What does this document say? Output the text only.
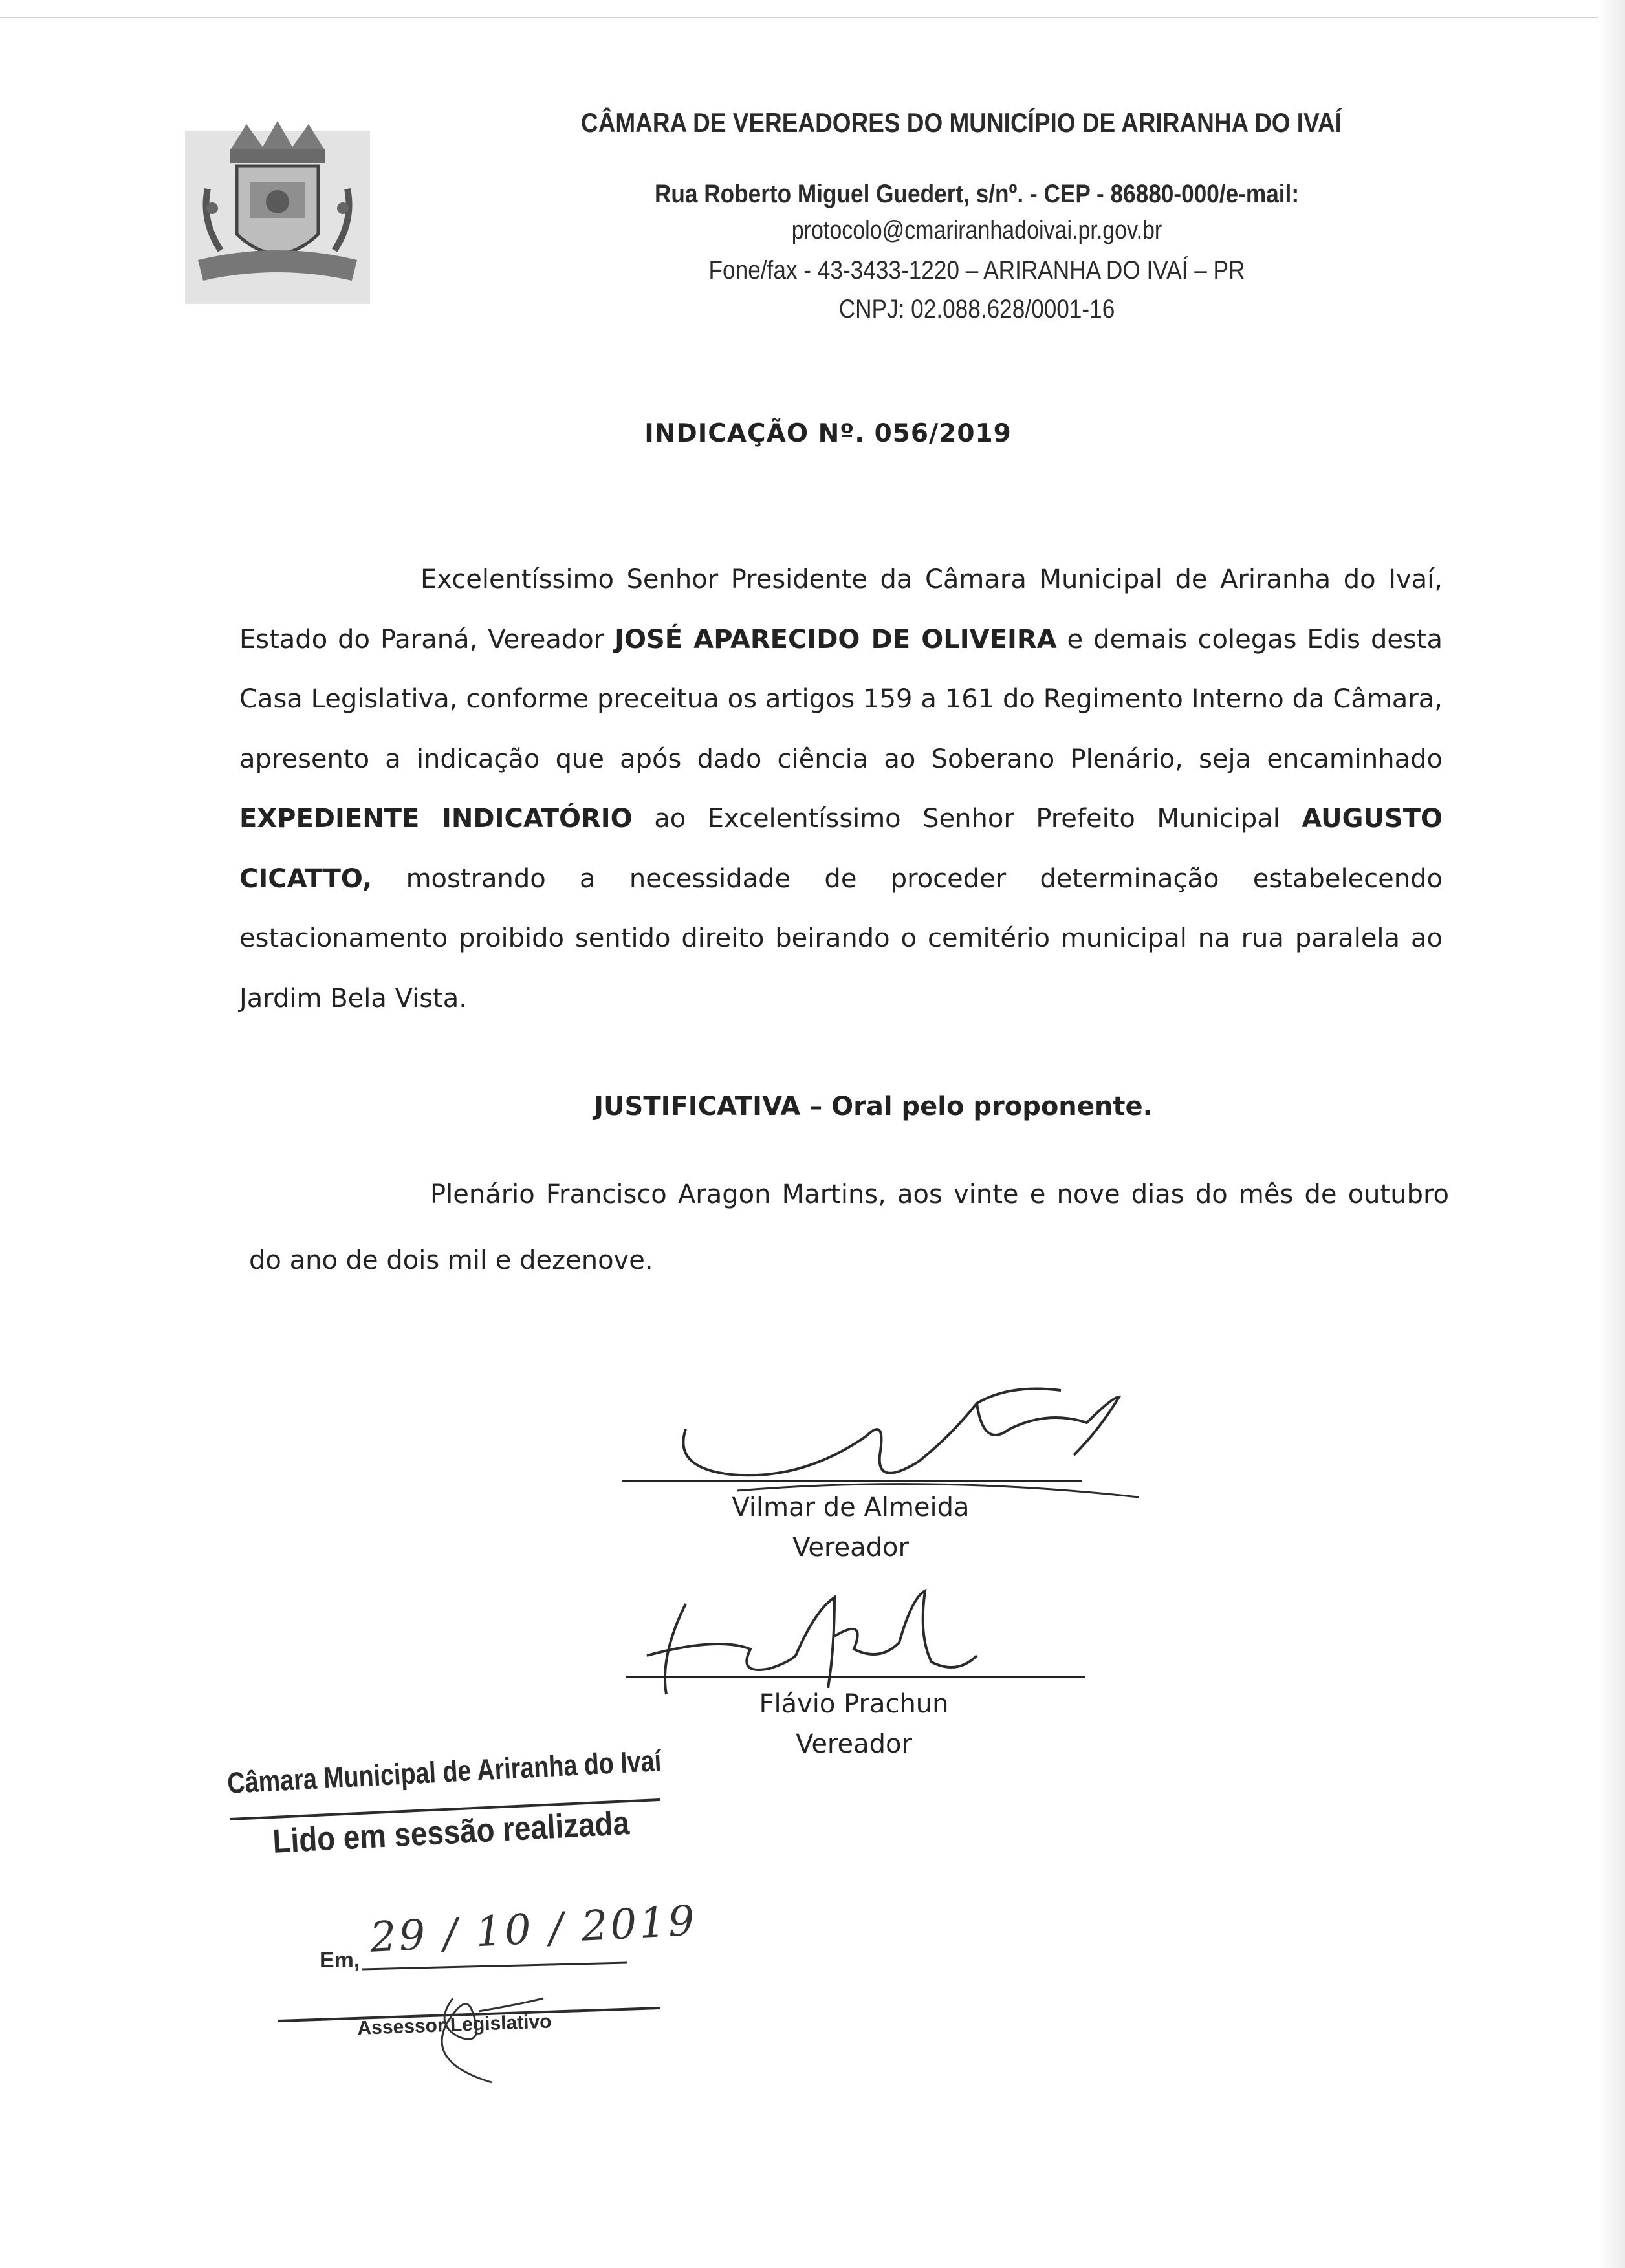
CÂMARA DE VEREADORES DO MUNICÍPIO DE ARIRANHA DO IVAÍ
Rua Roberto Miguel Guedert, s/nº. - CEP - 86880-000/e-mail:
protocolo@cmariranhadoivai.pr.gov.br
Fone/fax - 43-3433-1220 – ARIRANHA DO IVAÍ – PR
CNPJ: 02.088.628/0001-16
INDICAÇÃO Nº. 056/2019

Excelentíssimo Senhor Presidente da Câmara Municipal de Ariranha do Ivaí, Estado do Paraná, Vereador JOSÉ APARECIDO DE OLIVEIRA e demais colegas Edis desta Casa Legislativa, conforme preceitua os artigos 159 a 161 do Regimento Interno da Câmara, apresento a indicação que após dado ciência ao Soberano Plenário, seja encaminhado EXPEDIENTE INDICATÓRIO ao Excelentíssimo Senhor Prefeito Municipal AUGUSTO CICATTO, mostrando a necessidade de proceder determinação estabelecendo estacionamento proibido sentido direito beirando o cemitério municipal na rua paralela ao Jardim Bela Vista.

JUSTIFICATIVA – Oral pelo proponente.

Plenário Francisco Aragon Martins, aos vinte e nove dias do mês de outubro do ano de dois mil e dezenove.

Vilmar de Almeida
Vereador
Flávio Prachun
Vereador
Câmara Municipal de Ariranha do Ivaí
Lido em sessão realizada
Em, 29 / 10 / 2019
Assessor Legislativo
